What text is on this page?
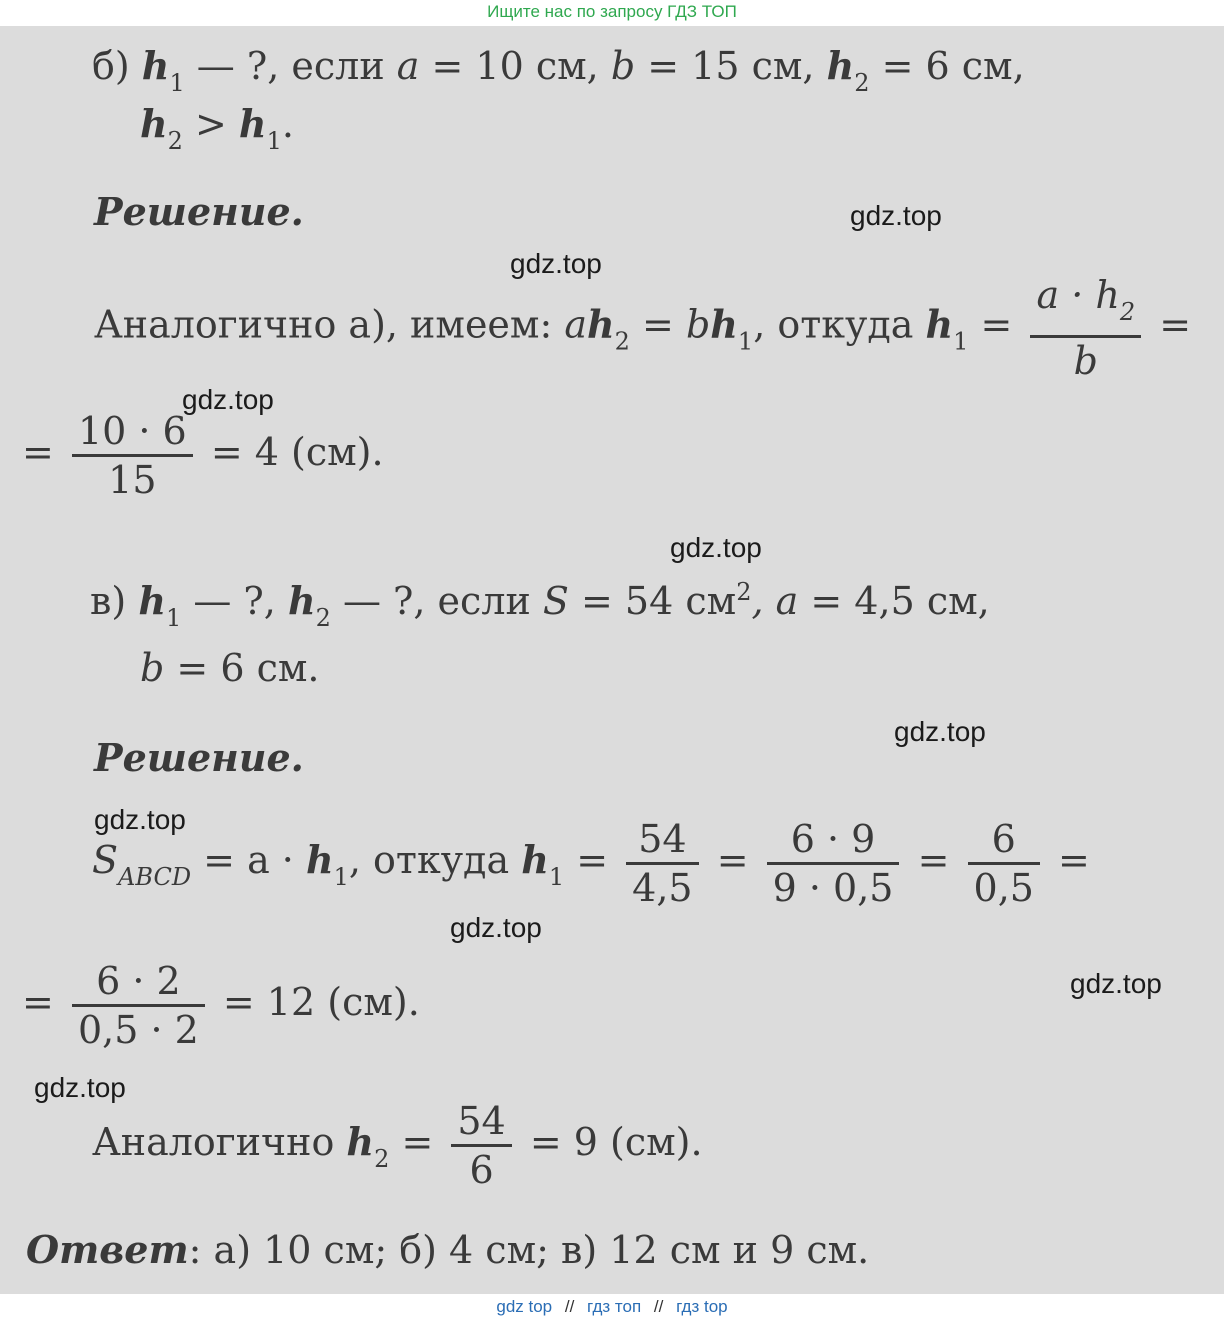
Ищите нас по запросу ГДЗ ТОП
б) $h_1$ — ?, если a = 10 см, b = 15 см, $h_2 = 6$ см,
$h_2 > h_1$.
Решение.
Аналогично а), имеем: $ah_2 = bh_1$, откуда $h_1 = \frac{a \cdot h_2}{b}$ =
= $\frac{10 \cdot 6}{15} = 4$ (см).
в) $h_1$ — ?, $h_2$ — ?, если S = 54 $см^2$, a = 4,5 см,
b = 6 см.
Решение.
$S_{ABCD} = a \cdot h_1$, откуда $h_1 = \frac{54}{4,5} = \frac{6 \cdot 9}{9 \cdot 0,5} = \frac{6}{0,5}$ =
= $\frac{6 \cdot 2}{0,5 \cdot 2} = 12$ (см).
Аналогично $h_2 = \frac{54}{6} = 9$ (см).
Ответ: а) 10 см; б) 4 см; в) 12 см и 9 см.
gdz.top
gdz.top
gdz.top
gdz.top
gdz.top
gdz.top
gdz.top
gdz.top
gdz.top
gdz top // гдз топ // гдз top
